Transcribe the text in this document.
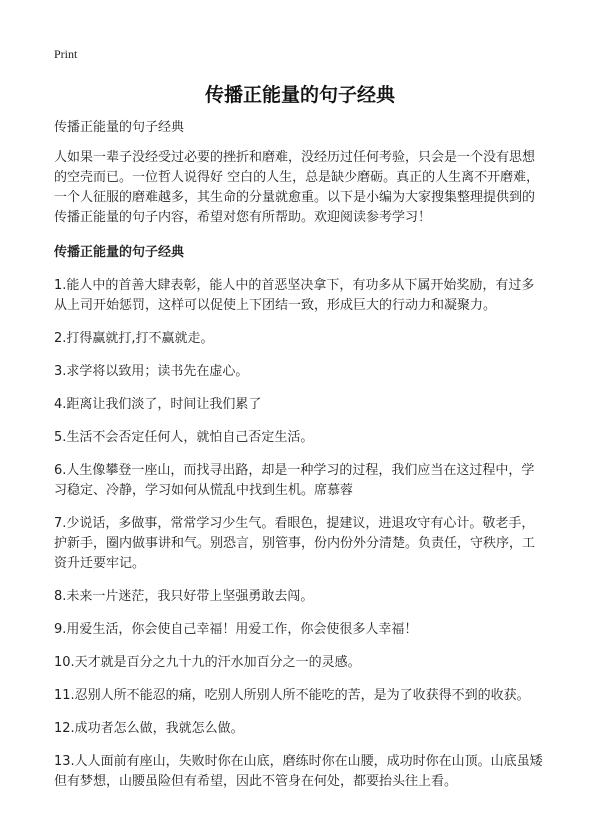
Print
传播正能量的句子经典

传播正能量的句子经典

人如果一辈子没经受过必要的挫折和磨难，没经历过任何考验，只会是一个没有思想的空壳而已。一位哲人说得好 空白的人生，总是缺少磨砺。真正的人生离不开磨难，一个人征服的磨难越多，其生命的分量就愈重。以下是小编为大家搜集整理提供到的传播正能量的句子内容，希望对您有所帮助。欢迎阅读参考学习！

传播正能量的句子经典

1.能人中的首善大肆表彰，能人中的首恶坚决拿下，有功多从下属开始奖励，有过多从上司开始惩罚，这样可以促使上下团结一致，形成巨大的行动力和凝聚力。

2.打得赢就打,打不赢就走。

3.求学将以致用；读书先在虚心。

4.距离让我们淡了，时间让我们累了

5.生活不会否定任何人，就怕自己否定生活。

6.人生像攀登一座山，而找寻出路，却是一种学习的过程，我们应当在这过程中，学习稳定、冷静，学习如何从慌乱中找到生机。席慕蓉

7.少说话，多做事，常常学习少生气。看眼色，提建议，进退攻守有心计。敬老手，护新手，圈内做事讲和气。别恐言，别管事，份内份外分清楚。负责任，守秩序，工资升迁要牢记。

8.未来一片迷茫，我只好带上坚强勇敢去闯。

9.用爱生活，你会使自己幸福！用爱工作，你会使很多人幸福！

10.天才就是百分之九十九的汗水加百分之一的灵感。

11.忍别人所不能忍的痛，吃别人所别人所不能吃的苦，是为了收获得不到的收获。

12.成功者怎么做，我就怎么做。

13.人人面前有座山，失败时你在山底，磨练时你在山腰，成功时你在山顶。山底虽矮但有梦想，山腰虽险但有希望，因此不管身在何处，都要抬头往上看。
